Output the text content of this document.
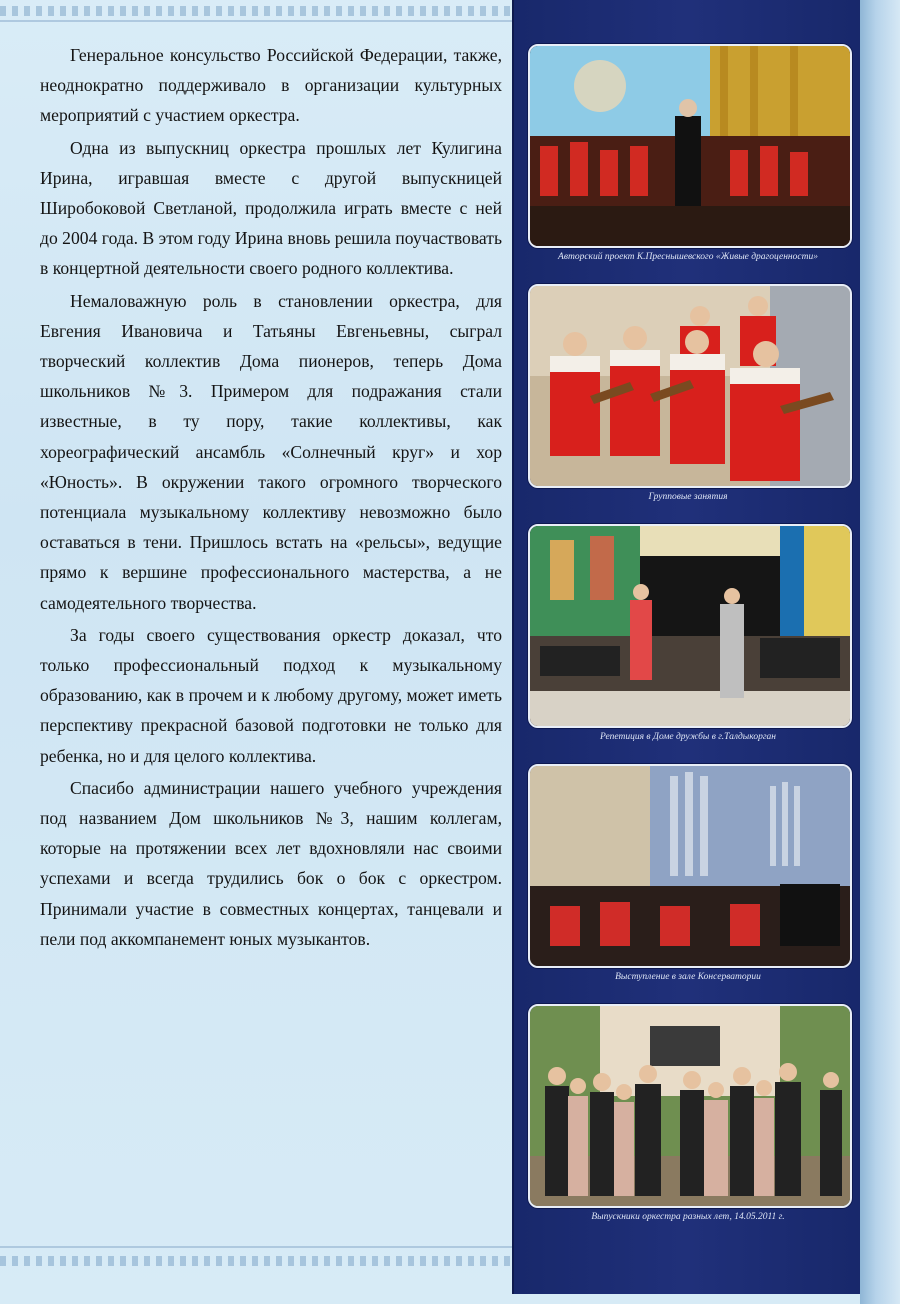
Генеральное консульство Российской Федерации, также, неоднократно поддерживало в организации культурных мероприятий с участием оркестра.

Одна из выпускниц оркестра прошлых лет Кулигина Ирина, игравшая вместе с другой выпускницей Широбоковой Светланой, продолжила играть вместе с ней до 2004 года. В этом году Ирина вновь решила поучаствовать в концертной деятельности своего родного коллектива.

Немаловажную роль в становлении оркестра, для Евгения Ивановича и Татьяны Евгеньевны, сыграл творческий коллектив Дома пионеров, теперь Дома школьников №3. Примером для подражания стали известные, в ту пору, такие коллективы, как хореографический ансамбль «Солнечный круг» и хор «Юность». В окружении такого огромного творческого потенциала музыкальному коллективу невозможно было оставаться в тени. Пришлось встать на «рельсы», ведущие прямо к вершине профессионального мастерства, а не самодеятельного творчества.

За годы своего существования оркестр доказал, что только профессиональный подход к музыкальному образованию, как в прочем и к любому другому, может иметь перспективу прекрасной базовой подготовки не только для ребенка, но и для целого коллектива.

Спасибо администрации нашего учебного учреждения под названием Дом школьников №3, нашим коллегам, которые на протяжении всех лет вдохновляли нас своими успехами и всегда трудились бок о бок с оркестром. Принимали участие в совместных концертах, танцевали и пели под аккомпанемент юных музыкантов.

Авторский проект К.Преснышевского «Живые драгоценности»
Групповые занятия
Репетиция в Доме дружбы в г.Талдыкорган
Выступление в зале Консерватории
Выпускники оркестра разных лет, 14.05.2011 г.
